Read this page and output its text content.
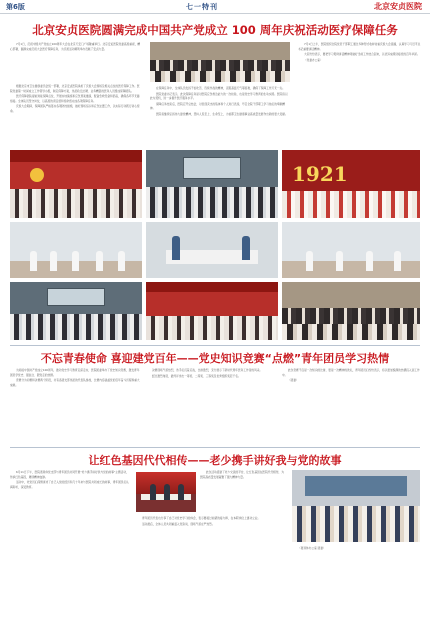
第6版	七一特刊	北京安贞医院
北京安贞医院圆满完成中国共产党成立 100 周年庆祝活动医疗保障任务

7月1日，庆祝中国共产党成立100周年大会在北京天安门广场隆重举行。北京安贞医院党委高度重视，精心部署，圆满完成庆祝大会医疗保障任务，为庆祝活动顺利举办贡献了安贞力量。

根据北京市卫生健康委员会统一部署，北京安贞医院承担了庆祝大会现场及相关点位的医疗保障工作。医院党委第一时间成立工作领导小组，制定保障方案，选派政治过硬、业务精湛的医务人员组成保障团队。

医疗保障团队提前进驻保障点位，开展实地演练和应急预案推演，配备急救设备和药品，确保各环节无缝衔接。全体队员坚守岗位，以高度的责任感和使命感完成各项保障任务。

庆祝大会期间，保障团队严格落实各项防控措施，做好现场巡诊和应急处置工作，以实际行动践行初心使命。

在保障任务中，全体队员发扬不怕吃苦、连续作战的精神，克服高温天气等困难，确保了保障工作万无一失。

医院党委书记表示，此次保障任务是对医院应急救治能力的一次检验，也是党史学习教育的生动实践。医院将以此为契机，进一步提升医疗服务水平。

保障任务结束后，医院召开总结会，对表现突出的集体和个人进行表扬，号召全院干部职工学习他们的奉献精神。

医院将继续弘扬伟大建党精神，坚持人民至上、生命至上，为首都卫生健康事业高质量发展作出新的更大贡献。

7月1日上午，医院组织全院党员干部职工通过多种形式收听收看庆祝大会直播，认真学习习近平总书记重要讲话精神。

大家纷纷表示，要把学习贯彻讲话精神同做好当前工作结合起来，以优异成绩迎接党的百年华诞。

（党委办公室）

1921
不忘青春使命 喜迎建党百年——党史知识竞赛“点燃”青年团员学习热情

为迎接中国共产党成立100周年，推动党史学习教育走深走实，医院团委举办了党史知识竞赛，激发青年团员学党史、强信念、跟党走的热情。

竞赛分为初赛和决赛两个阶段，共有各团支部选派的代表队参加，比赛内容涵盖党的百年奋斗历程和重大成就。

决赛现场气氛热烈，选手们沉着应战，比拼激烈，充分展示了新时代青年医务工作者的风采。

经过激烈角逐，最终评选出一等奖、二等奖、三等奖及优秀组织奖若干名。

此次竞赛不仅是一次知识的比拼，更是一次精神的洗礼，青年团员们纷纷表示，将以更加饱满的热情投入到工作中。

（团委）

让红色基因代代相传——老少携手讲好我与党的故事

6月11日下午，医院离退休党支部与青年团员共同开展“老少携手讲好我与党的故事”主题活动，传承红色基因，赓续精神血脉。

活动中，老党员们深情讲述了自己入党的经历和几十年来与医院共同成长的故事，青年团员们认真聆听，深受教育。

青年团员代表也分享了自己对党史学习的体会，表示要接过前辈的接力棒，在本职岗位上建功立业。

活动最后，全体人员共同重温入党誓词，现场气氛庄严热烈。

此次活动搭建了老少交流的平台，让红色基因在医院代代相传，为医院高质量发展凝聚了强大精神力量。

（离退休办公室 团委）
